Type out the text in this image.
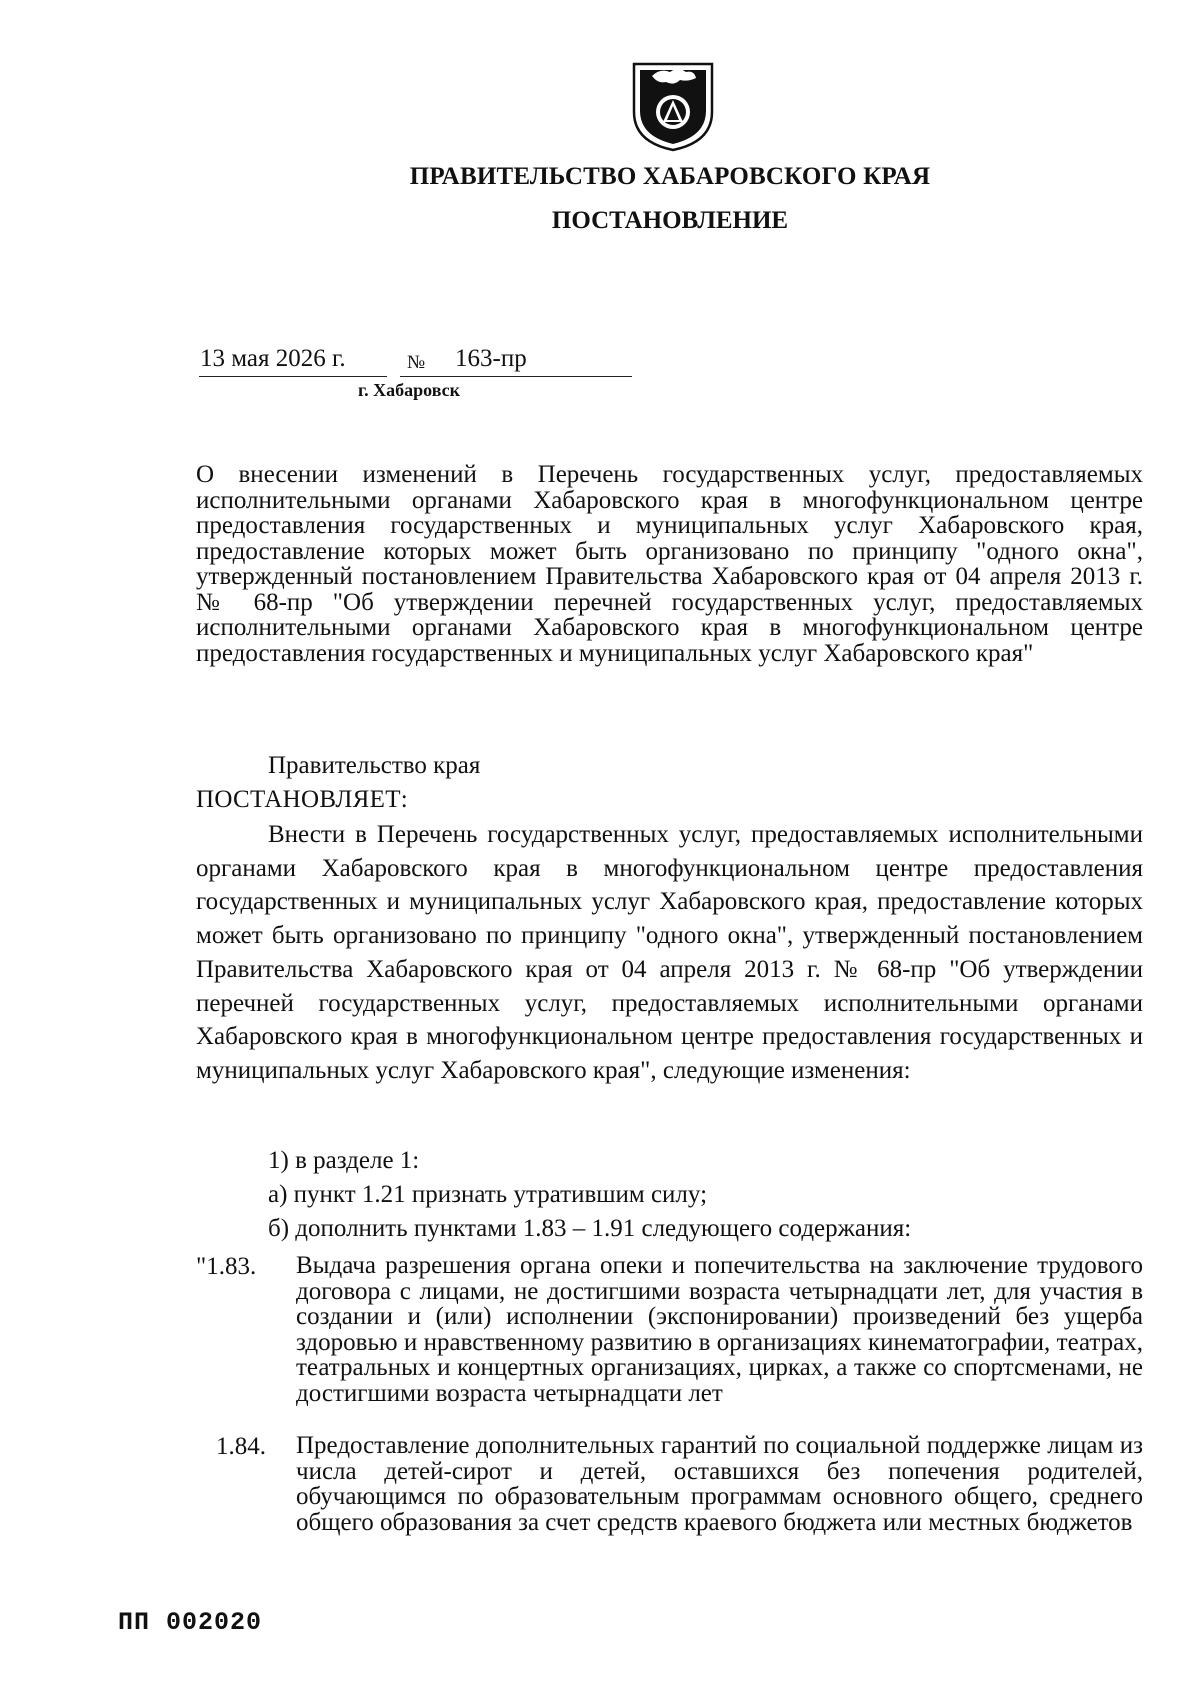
ПРАВИТЕЛЬСТВО ХАБАРОВСКОГО КРАЯ
ПОСТАНОВЛЕНИЕ
13 мая 2026 г.	№ 163-пр
г. Хабаровск
О внесении изменений в Перечень государственных услуг, предоставляемых исполнительными органами Хабаровского края в многофункциональном центре предоставления государственных и муниципальных услуг Хабаровского края, предоставление которых может быть организовано по принципу "одного окна", утвержденный постановлением Правительства Хабаровского края от 04 апреля 2013 г. № 68-пр "Об утверждении перечней государственных услуг, предоставляемых исполнительными органами Хабаровского края в многофункциональном центре предоставления государственных и муниципальных услуг Хабаровского края"
Правительство края
ПОСТАНОВЛЯЕТ:
Внести в Перечень государственных услуг, предоставляемых исполнительными органами Хабаровского края в многофункциональном центре предоставления государственных и муниципальных услуг Хабаровского края, предоставление которых может быть организовано по принципу "одного окна", утвержденный постановлением Правительства Хабаровского края от 04 апреля 2013 г. № 68-пр "Об утверждении перечней государственных услуг, предоставляемых исполнительными органами Хабаровского края в многофункциональном центре предоставления государственных и муниципальных услуг Хабаровского края", следующие изменения:
1) в разделе 1:
а) пункт 1.21 признать утратившим силу;
б) дополнить пунктами 1.83 – 1.91 следующего содержания:
"1.83. Выдача разрешения органа опеки и попечительства на заключение трудового договора с лицами, не достигшими возраста четырнадцати лет, для участия в создании и (или) исполнении (экспонировании) произведений без ущерба здоровью и нравственному развитию в организациях кинематографии, театрах, театральных и концертных организациях, цирках, а также со спортсменами, не достигшими возраста четырнадцати лет
1.84. Предоставление дополнительных гарантий по социальной поддержке лицам из числа детей-сирот и детей, оставшихся без попечения родителей, обучающимся по образовательным программам основного общего, среднего общего образования за счет средств краевого бюджета или местных бюджетов
ПП 002020
